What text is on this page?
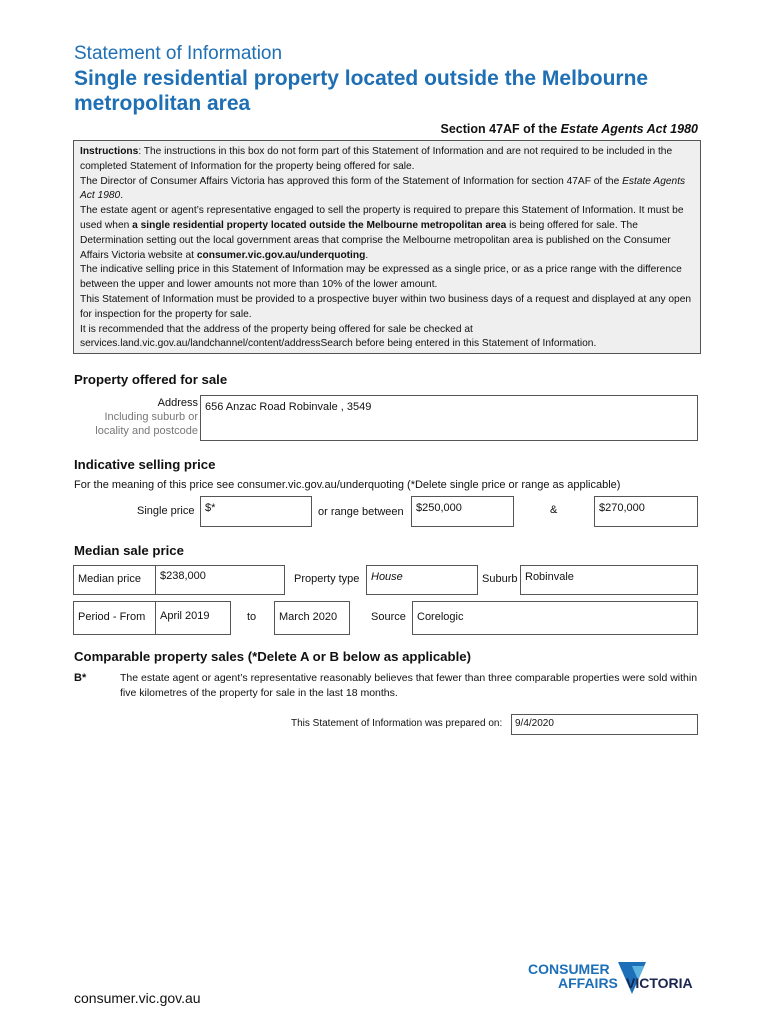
Statement of Information
Single residential property located outside the Melbourne metropolitan area
Section 47AF of the Estate Agents Act 1980

Instructions: The instructions in this box do not form part of this Statement of Information and are not required to be included in the completed Statement of Information for the property being offered for sale.

The Director of Consumer Affairs Victoria has approved this form of the Statement of Information for section 47AF of the Estate Agents Act 1980.

The estate agent or agent’s representative engaged to sell the property is required to prepare this Statement of Information. It must be used when a single residential property located outside the Melbourne metropolitan area is being offered for sale. The Determination setting out the local government areas that comprise the Melbourne metropolitan area is published on the Consumer Affairs Victoria website at consumer.vic.gov.au/underquoting.

The indicative selling price in this Statement of Information may be expressed as a single price, or as a price range with the difference between the upper and lower amounts not more than 10% of the lower amount.

This Statement of Information must be provided to a prospective buyer within two business days of a request and displayed at any open for inspection for the property for sale.

It is recommended that the address of the property being offered for sale be checked at services.land.vic.gov.au/landchannel/content/addressSearch before being entered in this Statement of Information.

Property offered for sale
Address
Including suburb or
locality and postcode
656 Anzac Road Robinvale , 3549
Indicative selling price
For the meaning of this price see consumer.vic.gov.au/underquoting (*Delete single price or range as applicable)
Single price $*	or range between	$250,000	&	$270,000
Median sale price
Median price	$238,000	Property type	House	Suburb Robinvale
Period - From	April 2019	to	March 2020	Source	Corelogic
Comparable property sales (*Delete A or B below as applicable)
B*	The estate agent or agent’s representative reasonably believes that fewer than three comparable properties were sold within five kilometres of the property for sale in the last 18 months.
This Statement of Information was prepared on:	9/4/2020
consumer.vic.gov.au
CONSUMER
AFFAIRS VICTORIA
